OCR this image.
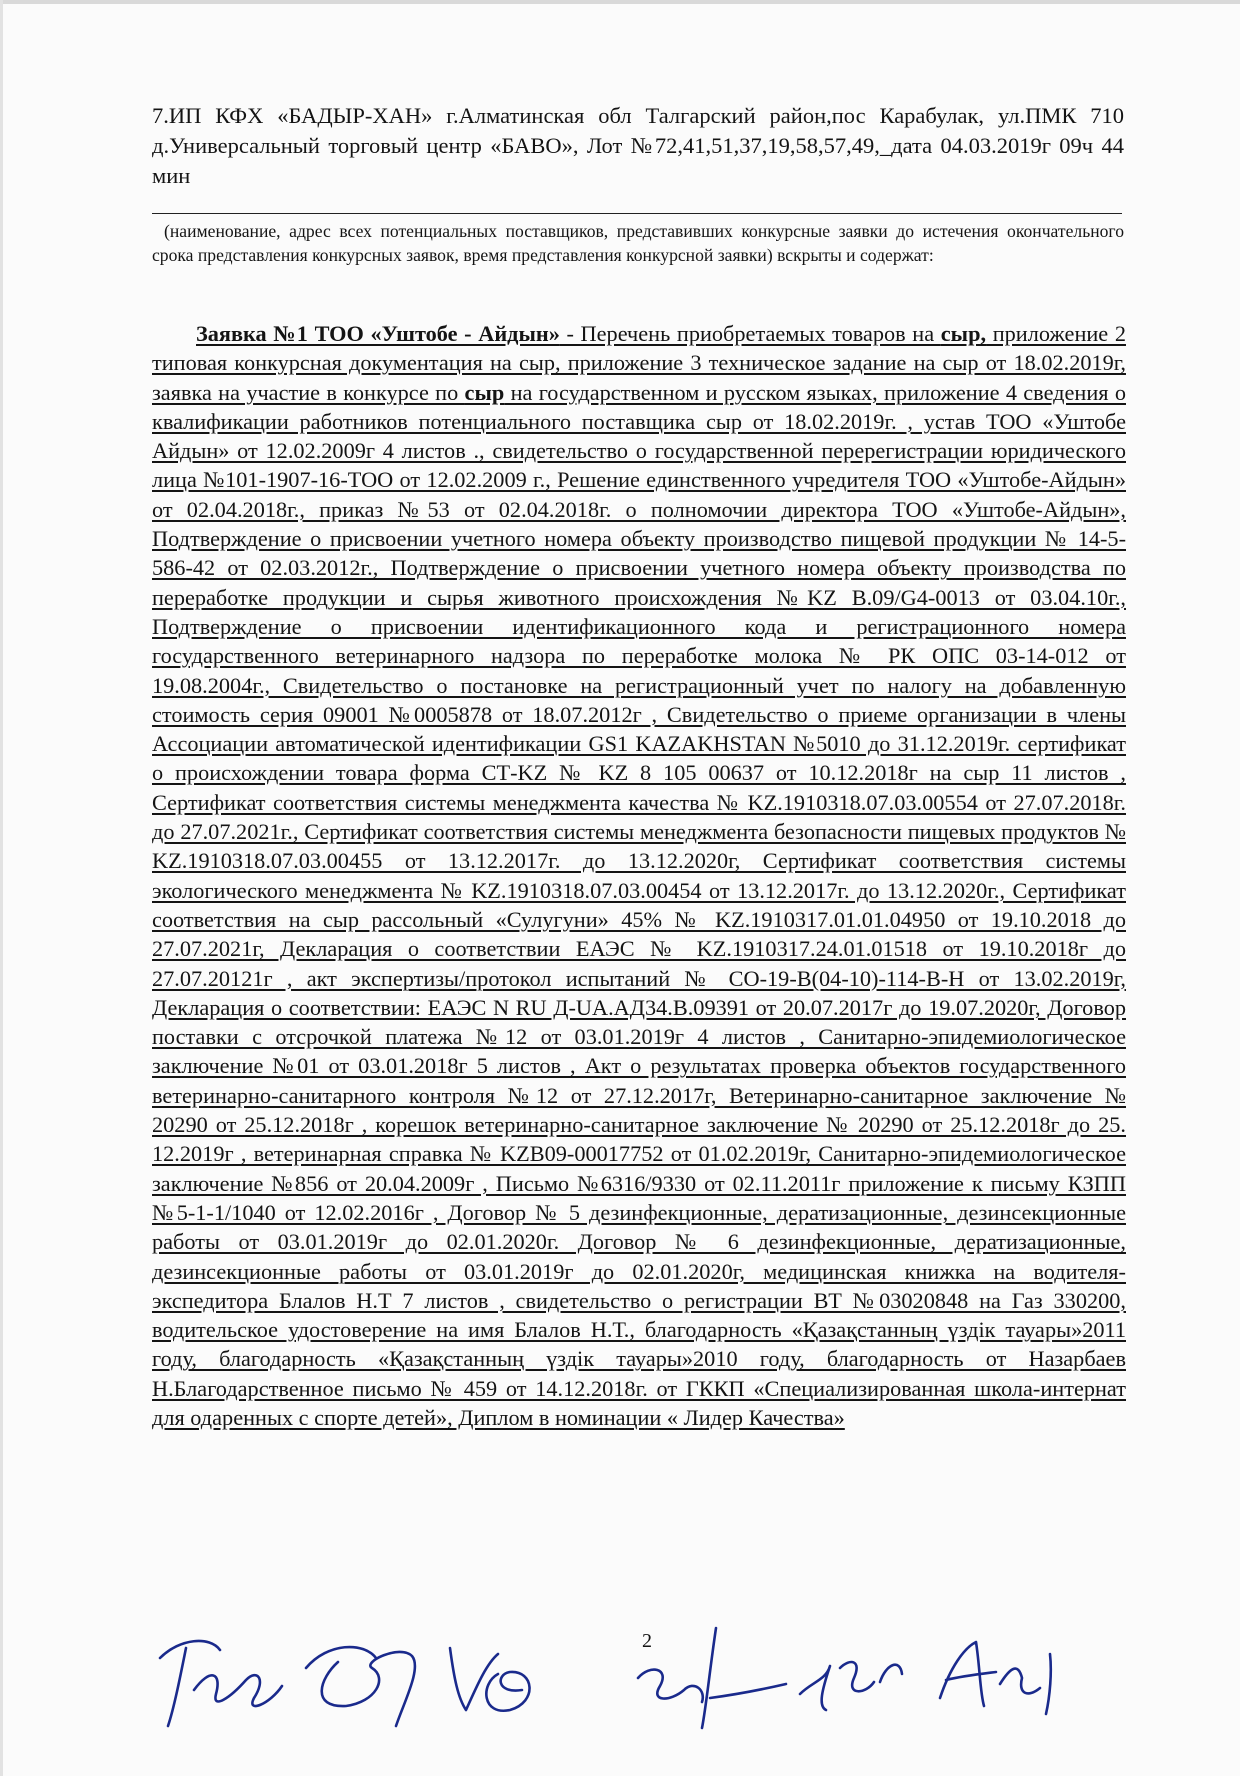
7.ИП КФХ «БАДЫР-ХАН» г.Алматинская обл Талгарский район,пос Карабулак, ул.ПМК 710 д.Универсальный торговый центр «БАВО», Лот №72,41,51,37,19,58,57,49,_дата 04.03.2019г 09ч 44 мин
(наименование, адрес всех потенциальных поставщиков, представивших конкурсные заявки до истечения окончательного срока представления конкурсных заявок, время представления конкурсной заявки) вскрыты и содержат:
Заявка №1 ТОО «Уштобе - Айдын» - Перечень приобретаемых товаров на сыр, приложение 2 типовая конкурсная документация на сыр, приложение 3 техническое задание на сыр от 18.02.2019г, заявка на участие в конкурсе по сыр на государственном и русском языках, приложение 4 сведения о квалификации работников потенциального поставщика сыр от 18.02.2019г. , устав ТОО «Уштобе Айдын» от 12.02.2009г 4 листов ., свидетельство о государственной перерегистрации юридического лица №101-1907-16-ТОО от 12.02.2009 г., Решение единственного учредителя ТОО «Уштобе-Айдын» от 02.04.2018г., приказ №53 от 02.04.2018г. о полномочии директора ТОО «Уштобе-Айдын», Подтверждение о присвоении учетного номера объекту производство пищевой продукции № 14-5-586-42 от 02.03.2012г., Подтверждение о присвоении учетного номера объекту производства по переработке продукции и сырья животного происхождения №KZ B.09/G4-0013 от 03.04.10г., Подтверждение о присвоении идентификационного кода и регистрационного номера государственного ветеринарного надзора по переработке молока № РК ОПС 03-14-012 от 19.08.2004г., Свидетельство о постановке на регистрационный учет по налогу на добавленную стоимость серия 09001 №0005878 от 18.07.2012г , Свидетельство о приеме организации в члены Ассоциации автоматической идентификации GS1 KAZAKHSTAN №5010 до 31.12.2019г. сертификат о происхождении товара форма СТ-KZ № KZ 8 105 00637 от 10.12.2018г на сыр 11 листов , Сертификат соответствия системы менеджмента качества № KZ.1910318.07.03.00554 от 27.07.2018г. до 27.07.2021г., Сертификат соответствия системы менеджмента безопасности пищевых продуктов № KZ.1910318.07.03.00455 от 13.12.2017г. до 13.12.2020г, Сертификат соответствия системы экологического менеджмента № KZ.1910318.07.03.00454 от 13.12.2017г. до 13.12.2020г., Сертификат соответствия на сыр рассольный «Сулугуни» 45% № KZ.1910317.01.01.04950 от 19.10.2018 до 27.07.2021г, Декларация о соответствии ЕАЭС № KZ.1910317.24.01.01518 от 19.10.2018г до 27.07.20121г , акт экспертизы/протокол испытаний № СО-19-В(04-10)-114-В-Н от 13.02.2019г, Декларация о соответствии: ЕАЭС N RU Д-UA.АД34.В.09391 от 20.07.2017г до 19.07.2020г, Договор поставки с отсрочкой платежа №12 от 03.01.2019г 4 листов , Санитарно-эпидемиологическое заключение №01 от 03.01.2018г 5 листов , Акт о результатах проверка объектов государственного ветеринарно-санитарного контроля №12 от 27.12.2017г, Ветеринарно-санитарное заключение № 20290 от 25.12.2018г , корешок ветеринарно-санитарное заключение № 20290 от 25.12.2018г до 25. 12.2019г , ветеринарная справка № KZB09-00017752 от 01.02.2019г, Санитарно-эпидемиологическое заключение №856 от 20.04.2009г , Письмо №6316/9330 от 02.11.2011г приложение к письму КЗПП №5-1-1/1040 от 12.02.2016г , Договор № 5 дезинфекционные, дератизационные, дезинсекционные работы от 03.01.2019г до 02.01.2020г. Договор № 6 дезинфекционные, дератизационные, дезинсекционные работы от 03.01.2019г до 02.01.2020г, медицинская книжка на водителя-экспедитора Блалов Н.Т 7 листов , свидетельство о регистрации ВТ №03020848 на Газ 330200, водительское удостоверение на имя Блалов Н.Т., благодарность «Қазақстанның үздік тауары»2011 году, благодарность «Қазақстанның үздік тауары»2010 году, благодарность от Назарбаев Н.Благодарственное письмо № 459 от 14.12.2018г. от ГККП «Специализированная школа-интернат для одаренных с спорте детей», Диплом в номинации « Лидер Качества»
2
